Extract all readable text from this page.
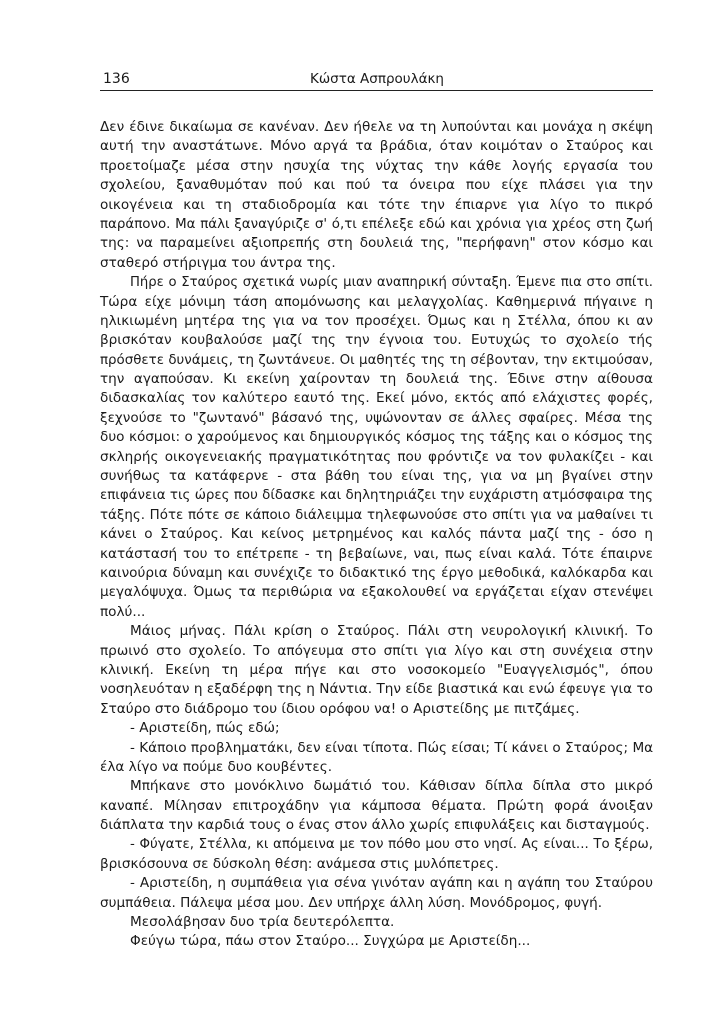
136	Κώστα Ασπρουλάκη
Δεν έδινε δικαίωμα σε κανέναν. Δεν ήθελε να τη λυπούνται και μονάχα η σκέψη
αυτή την αναστάτωνε. Μόνο αργά τα βράδια, όταν κοιμόταν ο Σταύρος και
προετοίμαζε μέσα στην ησυχία της νύχτας την κάθε λογής εργασία του
σχολείου, ξαναθυμόταν πού και πού τα όνειρα που είχε πλάσει για την
οικογένεια και τη σταδιοδρομία και τότε την έπιαρνε για λίγο το πικρό
παράπονο. Μα πάλι ξαναγύριζε σ' ό,τι επέλεξε εδώ και χρόνια για χρέος στη ζωή
της: να παραμείνει αξιοπρεπής στη δουλειά της, "περήφανη" στον κόσμο και
σταθερό στήριγμα του άντρα της.
Πήρε ο Σταύρος σχετικά νωρίς μιαν αναπηρική σύνταξη. Έμενε πια στο σπίτι.
Τώρα είχε μόνιμη τάση απομόνωσης και μελαγχολίας. Καθημερινά πήγαινε η
ηλικιωμένη μητέρα της για να τον προσέχει. Όμως και η Στέλλα, όπου κι αν
βρισκόταν κουβαλούσε μαζί της την έγνοια του. Ευτυχώς το σχολείο τής
πρόσθετε δυνάμεις, τη ζωντάνευε. Οι μαθητές της τη σέβονταν, την εκτιμούσαν,
την αγαπούσαν. Κι εκείνη χαίρονταν τη δουλειά της. Έδινε στην αίθουσα
διδασκαλίας τον καλύτερο εαυτό της. Εκεί μόνο, εκτός από ελάχιστες φορές,
ξεχνούσε το "ζωντανό" βάσανό της, υψώνονταν σε άλλες σφαίρες. Μέσα της
δυο κόσμοι: ο χαρούμενος και δημιουργικός κόσμος της τάξης και ο κόσμος της
σκληρής οικογενειακής πραγματικότητας που φρόντιζε να τον φυλακίζει - και
συνήθως τα κατάφερνε - στα βάθη του είναι της, για να μη βγαίνει στην
επιφάνεια τις ώρες που δίδασκε και δηλητηριάζει την ευχάριστη ατμόσφαιρα της
τάξης. Πότε πότε σε κάποιο διάλειμμα τηλεφωνούσε στο σπίτι για να μαθαίνει τι
κάνει ο Σταύρος. Και κείνος μετρημένος και καλός πάντα μαζί της - όσο η
κατάστασή του το επέτρεπε - τη βεβαίωνε, ναι, πως είναι καλά. Τότε έπαιρνε
καινούρια δύναμη και συνέχιζε το διδακτικό της έργο μεθοδικά, καλόκαρδα και
μεγαλόψυχα. Όμως τα περιθώρια να εξακολουθεί να εργάζεται είχαν στενέψει
πολύ...
Μάιος μήνας. Πάλι κρίση ο Σταύρος. Πάλι στη νευρολογική κλινική. Το
πρωινό στο σχολείο. Το απόγευμα στο σπίτι για λίγο και στη συνέχεια στην
κλινική. Εκείνη τη μέρα πήγε και στο νοσοκομείο "Ευαγγελισμός", όπου
νοσηλευόταν η εξαδέρφη της η Νάντια. Την είδε βιαστικά και ενώ έφευγε για το
Σταύρο στο διάδρομο του ίδιου ορόφου να! ο Αριστείδης με πιτζάμες.
- Αριστείδη, πώς εδώ;
- Κάποιο προβληματάκι, δεν είναι τίποτα. Πώς είσαι; Τί κάνει ο Σταύρος; Μα
έλα λίγο να πούμε δυο κουβέντες.
Μπήκανε στο μονόκλινο δωμάτιό του. Κάθισαν δίπλα δίπλα στο μικρό
καναπέ. Μίλησαν επιτροχάδην για κάμποσα θέματα. Πρώτη φορά άνοιξαν
διάπλατα την καρδιά τους ο ένας στον άλλο χωρίς επιφυλάξεις και δισταγμούς.
- Φύγατε, Στέλλα, κι απόμεινα με τον πόθο μου στο νησί. Ας είναι... Το ξέρω,
βρισκόσουνα σε δύσκολη θέση: ανάμεσα στις μυλόπετρες.
- Αριστείδη, η συμπάθεια για σένα γινόταν αγάπη και η αγάπη του Σταύρου
συμπάθεια. Πάλεψα μέσα μου. Δεν υπήρχε άλλη λύση. Μονόδρομος, φυγή.
Μεσολάβησαν δυο τρία δευτερόλεπτα.
Φεύγω τώρα, πάω στον Σταύρο... Συγχώρα με Αριστείδη...
